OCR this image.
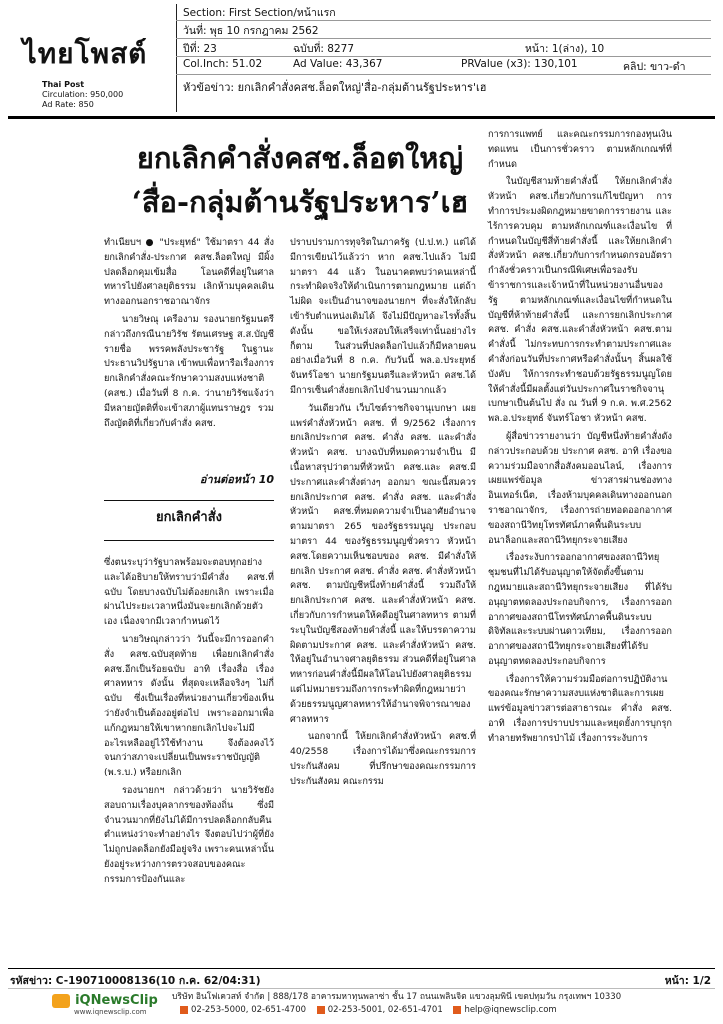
ไทยโพสต์
Thai Post
Circulation: 950,000
Ad Rate: 850
Section: First Section/หน้าแรก
วันที่: พุธ 10 กรกฎาคม 2562
ปีที่: 23	ฉบับที่: 8277	หน้า: 1(ล่าง), 10
Col.Inch: 51.02	Ad Value: 43,367	PRValue (x3): 130,101	คลิป: ขาว-ดำ
หัวข้อข่าว: ยกเลิกคำสั่งคสช.ล็อตใหญ่'สื่อ-กลุ่มต้านรัฐประหาร'เฮ
ยกเลิกคำสั่งคสช.ล็อตใหญ่
‘สื่อ-กลุ่มต้านรัฐประหาร’เฮ

ทำเนียบฯ ● "ประยุทธ์" ใช้มาตรา 44 สั่งยกเลิกคำสั่ง-ประกาศ คสช.ล็อตใหญ่ มีผิ้งปลดล็อกคุมเข้มสื่อ โอนคดีที่อยู่ในศาลทหารไปยังศาลยุติธรรม เลิกห้ามบุคคลเดินทางออกนอกราชอาณาจักร

นายวิษณุ เครืองาม รองนายกรัฐมนตรี กล่าวถึงกรณีนายวิรัช รัตนเศรษฐ ส.ส.บัญชีรายชื่อ พรรคพลังประชารัฐ ในฐานะประธานวิปรัฐบาล เข้าพบเพื่อหารือเรื่องการยกเลิกคำสั่งคณะรักษาความสงบแห่งชาติ (คสช.) เมื่อวันที่ 8 ก.ค. ว่านายวิรัชแจ้งว่ามีหลายญัตติที่จะเข้าสภาผู้แทนราษฎร รวมถึงญัตติที่เกี่ยวกับคำสั่ง คสช.

อ่านต่อหน้า 10
ยกเลิกคำสั่ง

ซึ่งตนระบุว่ารัฐบาลพร้อมจะตอบทุกอย่าง และได้อธิบายให้ทราบว่ามีคำสั่ง คสช.ที่ฉบับ โดยบางฉบับไม่ต้องยกเลิก เพราะเมื่อผ่านไประยะเวลาหนึ่งมันจะยกเลิกด้วยตัวเอง เนื่องจากมีเวลากำหนดไว้

นายวิษณุกล่าวว่า วันนี้จะมีการออกคำสั่ง คสช.ฉบับสุดท้าย เพื่อยกเลิกคำสั่ง คสช.อีกเป็นร้อยฉบับ อาทิ เรื่องสื่อ เรื่องศาลทหาร ดังนั้น ที่สุดจะเหลือจริงๆ ไม่กี่ฉบับ ซึ่งเป็นเรื่องที่หน่วยงานเกี่ยวข้องเห็นว่ายังจำเป็นต้องอยู่ต่อไป เพราะออกมาเพื่อแก้กฎหมายให้เขาหากยกเลิกไปจะไม่มีอะไรเหลืออยู่ไว้ใช้ทำงาน จึงต้องคงไว้จนกว่าสภาจะเปลี่ยนเป็นพระราชบัญญัติ (พ.ร.บ.) หรือยกเลิก

รองนายกฯ กล่าวด้วยว่า นายวิรัชยังสอบถามเรื่องบุคลากรของท้องถิ่น ซึ่งมีจำนวนมากที่ยังไม่ได้มีการปลดล็อกกลับคืนตำแหน่งว่าจะทำอย่างไร จึงตอบไปว่าผู้ที่ยังไม่ถูกปลดล็อกยังมีอยู่จริง เพราะคนเหล่านั้นยังอยู่ระหว่างการตรวจสอบของคณะกรรมการป้องกันและ

ปราบปรามการทุจริตในภาครัฐ (ป.ป.ท.) แต่ได้มีการเขียนไว้แล้วว่า หาก คสช.ไปแล้ว ไม่มีมาตรา 44 แล้ว ในอนาคตพบว่าคนเหล่านี้กระทำผิดจริงให้ดำเนินการตามกฎหมาย แต่ถ้าไม่ผิด จะเป็นอำนาจของนายกฯ ที่จะสั่งให้กลับเข้ารับตำแหน่งเดิมได้ จึงไม่มีปัญหาอะไรทั้งสิ้น ดังนั้น ขอให้เร่งสอบให้เสร็จเท่านั้นอย่างไรก็ตาม ในส่วนที่ปลดล็อกไปแล้วก็มีหลายคน อย่างเมื่อวันที่ 8 ก.ค. กับวันนี้ พล.อ.ประยุทธ์ จันทร์โอชา นายกรัฐมนตรีและหัวหน้า คสช.ได้มีการเซ็นคำสั่งยกเลิกไปจำนวนมากแล้ว

วันเดียวกัน เว็บไซต์ราชกิจจานุเบกษา เผยแพร่คำสั่งหัวหน้า คสช. ที่ 9/2562 เรื่องการยกเลิกประกาศ คสช. คำสั่ง คสช. และคำสั่งหัวหน้า คสช. บางฉบับที่หมดความจำเป็น มีเนื้อหาสรุปว่าตามที่หัวหน้า คสช.และ คสช.มีประกาศและคำสั่งต่างๆ ออกมา ขณะนี้สมควรยกเลิกประกาศ คสช. คำสั่ง คสช. และคำสั่งหัวหน้า คสช.ที่หมดความจำเป็นอาศัยอำนาจตามมาตรา 265 ของรัฐธรรมนูญ ประกอบมาตรา 44 ของรัฐธรรมนูญชั่วคราว หัวหน้า คสช.โดยความเห็นชอบของ คสช. มีคำสั่งให้ยกเลิก ประกาศ คสช. คำสั่ง คสช. คำสั่งหัวหน้า คสช. ตามบัญชีหนึ่งท้ายคำสั่งนี้ รวมถึงให้ยกเลิกประกาศ คสช. และคำสั่งหัวหน้า คสช. เกี่ยวกับการกำหนดให้คดีอยู่ในศาลทหาร ตามที่ระบุในบัญชีสองท้ายคำสั่งนี้ และให้บรรดาความผิดตามประกาศ คสช. และคำสั่งหัวหน้า คสช. ให้อยู่ในอำนาจศาลยุติธรรม ส่วนคดีที่อยู่ในศาลทหารก่อนคำสั่งนี้มีผลให้โอนไปยังศาลยุติธรรม แต่ไม่หมายรวมถึงการกระทำผิดที่กฎหมายว่าด้วยธรรมนูญศาลทหารให้อำนาจพิจารณาของศาลทหาร

นอกจากนี้ ให้ยกเลิกคำสั่งหัวหน้า คสช.ที่ 40/2558 เรื่องการได้มาซึ่งคณะกรรมการประกันสังคม ที่ปรึกษาของคณะกรรมการประกันสังคม คณะกรรม

การการแพทย์ และคณะกรรมการกองทุนเงินทดแทน เป็นการชั่วคราว ตามหลักเกณฑ์ที่กำหนด

ในบัญชีสามท้ายคำสั่งนี้ ให้ยกเลิกคำสั่งหัวหน้า คสช.เกี่ยวกับการแก้ไขปัญหา การทำการประมงผิดกฎหมายขาดการรายงาน และไร้การควบคุม ตามหลักเกณฑ์และเงื่อนไข ที่กำหนดในบัญชีสี่ท้ายคำสั่งนี้ และให้ยกเลิกคำสั่งหัวหน้า คสช.เกี่ยวกับการกำหนดกรอบอัตรากำลังชั่วคราวเป็นกรณีพิเศษเพื่อรองรับข้าราชการและเจ้าหน้าที่ในหน่วยงานอื่นของรัฐ ตามหลักเกณฑ์และเงื่อนไขที่กำหนดในบัญชีที่ห้าท้ายคำสั่งนี้ และการยกเลิกประกาศ คสช. คำสั่ง คสช.และคำสั่งหัวหน้า คสช.ตามคำสั่งนี้ ไม่กระทบการกระทำตามประกาศและคำสั่งก่อนวันที่ประกาศหรือคำสั่งนั้นๆ สิ้นผลใช้บังคับ ให้การกระทำชอบด้วยรัฐธรรมนูญโดยให้คำสั่งนี้มีผลตั้งแต่วันประกาศในราชกิจจานุเบกษาเป็นต้นไป สั่ง ณ วันที่ 9 ก.ค. พ.ศ.2562 พล.อ.ประยุทธ์ จันทร์โอชา หัวหน้า คสช.

ผู้สื่อข่าวรายงานว่า บัญชีหนึ่งท้ายคำสั่งดังกล่าวประกอบด้วย ประกาศ คสช. อาทิ เรื่องขอความร่วมมือจากสื่อสังคมออนไลน์, เรื่องการเผยแพร่ข้อมูล ข่าวสารผ่านช่องทางอินเทอร์เน็ต, เรื่องห้ามบุคคลเดินทางออกนอกราชอาณาจักร, เรื่องการถ่ายทอดออกอากาศของสถานีวิทยุโทรทัศน์ภาคพื้นดินระบบอนาล็อกและสถานีวิทยุกระจายเสียง

เรื่องระงับการออกอากาศของสถานีวิทยุชุมชนที่ไม่ได้รับอนุญาตให้จัดตั้งขึ้นตามกฎหมายและสถานีวิทยุกระจายเสียง ที่ได้รับอนุญาตทดลองประกอบกิจการ, เรื่องการออกอากาศของสถานีโทรทัศน์ภาคพื้นดินระบบดิจิทัลและระบบผ่านดาวเทียม, เรื่องการออกอากาศของสถานีวิทยุกระจายเสียงที่ได้รับอนุญาตทดลองประกอบกิจการ

เรื่องการให้ความร่วมมือต่อการปฏิบัติงานของคณะรักษาความสงบแห่งชาติและการเผยแพร่ข้อมูลข่าวสารต่อสาธารณะ คำสั่ง คสช. อาทิ เรื่องการปราบปรามและหยุดยั้งการบุกรุกทำลายทรัพยากรป่าไม้ เรื่องการระงับการ

รหัสข่าว: C-190710008136(10 ก.ค. 62/04:31)	หน้า: 1/2
iQNewsClip
www.iqnewsclip.com
บริษัท อินโฟเควสท์ จำกัด | 888/178 อาคารมหาทุนพลาซ่า ชั้น 17 ถนนเพลินจิต แขวงลุมพินี เขตปทุมวัน กรุงเทพฯ 10330
02-253-5000, 02-651-4700	02-253-5001, 02-651-4701	help@iqnewsclip.com
